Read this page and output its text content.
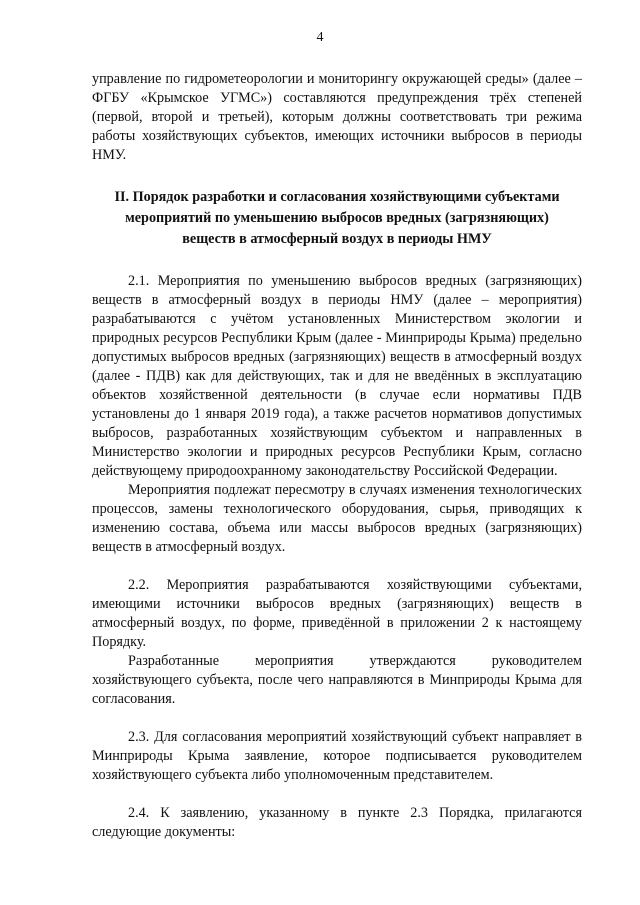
4

управление по гидрометеорологии и мониторингу окружающей среды» (далее – ФГБУ «Крымское УГМС») составляются предупреждения трёх степеней (первой, второй и третьей), которым должны соответствовать три режима работы хозяйствующих субъектов, имеющих источники выбросов в периоды НМУ.

II. Порядок разработки и согласования хозяйствующими субъектами мероприятий по уменьшению выбросов вредных (загрязняющих) веществ в атмосферный воздух в периоды НМУ

2.1. Мероприятия по уменьшению выбросов вредных (загрязняющих) веществ в атмосферный воздух в периоды НМУ (далее – мероприятия) разрабатываются с учётом установленных Министерством экологии и природных ресурсов Республики Крым (далее - Минприроды Крыма) предельно допустимых выбросов вредных (загрязняющих) веществ в атмосферный воздух (далее - ПДВ) как для действующих, так и для не введённых в эксплуатацию объектов хозяйственной деятельности (в случае если нормативы ПДВ установлены до 1 января 2019 года), а также расчетов нормативов допустимых выбросов, разработанных хозяйствующим субъектом и направленных в Министерство экологии и природных ресурсов Республики Крым, согласно действующему природоохранному законодательству Российской Федерации.

Мероприятия подлежат пересмотру в случаях изменения технологических процессов, замены технологического оборудования, сырья, приводящих к изменению состава, объема или массы выбросов вредных (загрязняющих) веществ в атмосферный воздух.

2.2. Мероприятия разрабатываются хозяйствующими субъектами, имеющими источники выбросов вредных (загрязняющих) веществ в атмосферный воздух, по форме, приведённой в приложении 2 к настоящему Порядку.

Разработанные мероприятия утверждаются руководителем хозяйствующего субъекта, после чего направляются в Минприроды Крыма для согласования.

2.3. Для согласования мероприятий хозяйствующий субъект направляет в Минприроды Крыма заявление, которое подписывается руководителем хозяйствующего субъекта либо уполномоченным представителем.

2.4. К заявлению, указанному в пункте 2.3 Порядка, прилагаются следующие документы:
